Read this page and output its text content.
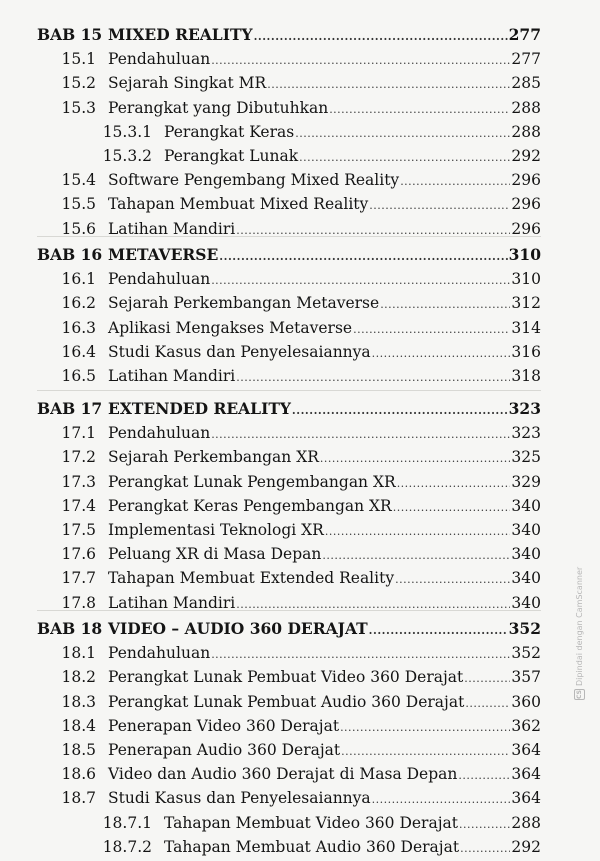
BAB 15 MIXED REALITY .....	277
15.1 Pendahuluan .....	277
15.2 Sejarah Singkat MR .....	285
15.3 Perangkat yang Dibutuhkan .....	288
15.3.1 Perangkat Keras .....	288
15.3.2 Perangkat Lunak .....	292
15.4 Software Pengembang Mixed Reality .....	296
15.5 Tahapan Membuat Mixed Reality .....	296
15.6 Latihan Mandiri .....	296
BAB 16 METAVERSE .....	310
16.1 Pendahuluan .....	310
16.2 Sejarah Perkembangan Metaverse .....	312
16.3 Aplikasi Mengakses Metaverse .....	314
16.4 Studi Kasus dan Penyelesaiannya .....	316
16.5 Latihan Mandiri .....	318
BAB 17 EXTENDED REALITY .....	323
17.1 Pendahuluan .....	323
17.2 Sejarah Perkembangan XR .....	325
17.3 Perangkat Lunak Pengembangan XR .....	329
17.4 Perangkat Keras Pengembangan XR .....	340
17.5 Implementasi Teknologi XR .....	340
17.6 Peluang XR di Masa Depan .....	340
17.7 Tahapan Membuat Extended Reality .....	340
17.8 Latihan Mandiri .....	340
BAB 18 VIDEO – AUDIO 360 DERAJAT .....	352
18.1 Pendahuluan .....	352
18.2 Perangkat Lunak Pembuat Video 360 Derajat .....	357
18.3 Perangkat Lunak Pembuat Audio 360 Derajat .....	360
18.4 Penerapan Video 360 Derajat .....	362
18.5 Penerapan Audio 360 Derajat .....	364
18.6 Video dan Audio 360 Derajat di Masa Depan .....	364
18.7 Studi Kasus dan Penyelesaiannya .....	364
18.7.1 Tahapan Membuat Video 360 Derajat .....	288
18.7.2 Tahapan Membuat Audio 360 Derajat .....	292
CS
Dipindai dengan CamScanner
